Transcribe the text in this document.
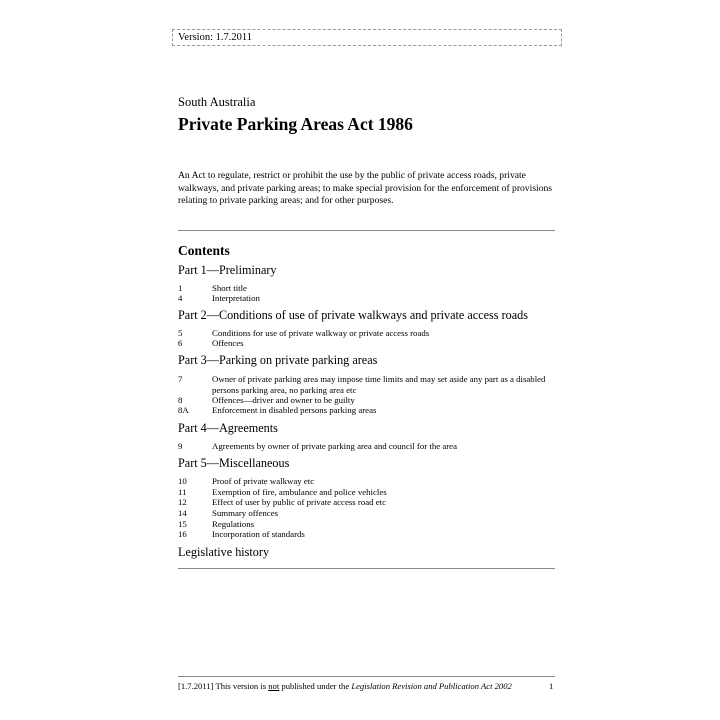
Version: 1.7.2011
South Australia
Private Parking Areas Act 1986
An Act to regulate, restrict or prohibit the use by the public of private access roads, private walkways, and private parking areas; to make special provision for the enforcement of provisions relating to private parking areas; and for other purposes.
Contents
Part 1—Preliminary
1	Short title
4	Interpretation
Part 2—Conditions of use of private walkways and private access roads
5	Conditions for use of private walkway or private access roads
6	Offences
Part 3—Parking on private parking areas
7	Owner of private parking area may impose time limits and may set aside any part as a disabled persons parking area, no parking area etc
8	Offences—driver and owner to be guilty
8A	Enforcement in disabled persons parking areas
Part 4—Agreements
9	Agreements by owner of private parking area and council for the area
Part 5—Miscellaneous
10	Proof of private walkway etc
11	Exemption of fire, ambulance and police vehicles
12	Effect of user by public of private access road etc
14	Summary offences
15	Regulations
16	Incorporation of standards
Legislative history
[1.7.2011] This version is not published under the Legislation Revision and Publication Act 2002	1
